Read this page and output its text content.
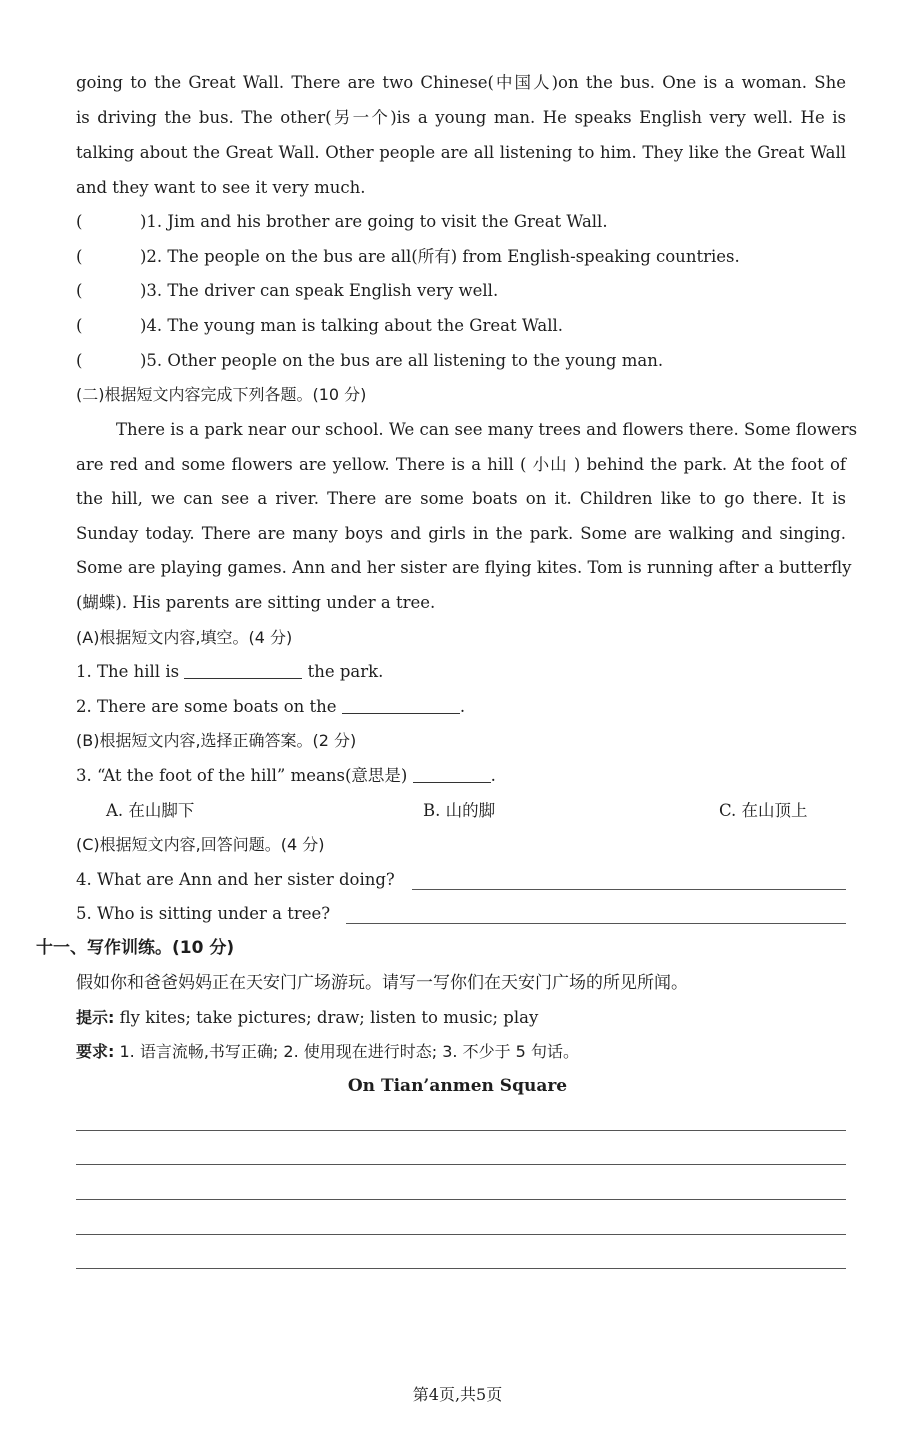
going to the Great Wall. There are two Chinese(中国人)on the bus. One is a woman. She
is driving the bus. The other(另一个)is a young man. He speaks English very well. He is
talking about the Great Wall. Other people are all listening to him. They like the Great Wall
and they want to see it very much.
(	)1. Jim and his brother are going to visit the Great Wall.
(	)2. The people on the bus are all(所有) from English-speaking countries.
(	)3. The driver can speak English very well.
(	)4. The young man is talking about the Great Wall.
(	)5. Other people on the bus are all listening to the young man.
(二)根据短文内容完成下列各题。(10 分)
There is a park near our school. We can see many trees and flowers there. Some flowers
are red and some flowers are yellow. There is a hill ( 小山 ) behind the park. At the foot of
the hill, we can see a river. There are some boats on it. Children like to go there. It is
Sunday today. There are many boys and girls in the park. Some are walking and singing.
Some are playing games. Ann and her sister are flying kites. Tom is running after a butterfly
(蝴蝶). His parents are sitting under a tree.
(A)根据短文内容,填空。(4 分)
1. The hill is	the park.
2. There are some boats on the	.
(B)根据短文内容,选择正确答案。(2 分)
3. “At the foot of the hill” means(意思是)	.
A. 在山脚下	B. 山的脚	C. 在山顶上
(C)根据短文内容,回答问题。(4 分)
4. What are Ann and her sister doing?
5. Who is sitting under a tree?
十一、写作训练。(10 分)
假如你和爸爸妈妈正在天安门广场游玩。请写一写你们在天安门广场的所见所闻。
提示: fly kites; take pictures; draw; listen to music; play
要求: 1. 语言流畅,书写正确; 2. 使用现在进行时态; 3. 不少于 5 句话。
On Tian’anmen Square
第4页,共5页
